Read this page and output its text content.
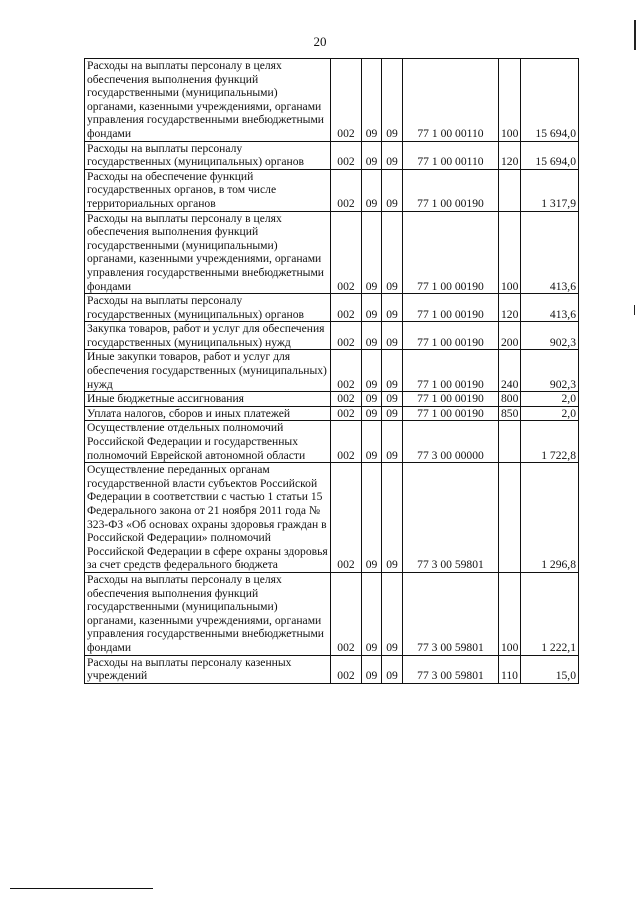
20
Расходы на выплаты персоналу в целях обеспечения выполнения функций государственными (муниципальными) органами, казенными учреждениями, органами управления государственными внебюджетными фондами	002	09	09	77 1 00 00110	100	15 694,0
Расходы на выплаты персоналу государственных (муниципальных) органов	002	09	09	77 1 00 00110	120	15 694,0
Расходы на обеспечение функций государственных органов, в том числе территориальных органов	002	09	09	77 1 00 00190		1 317,9
Расходы на выплаты персоналу в целях обеспечения выполнения функций государственными (муниципальными) органами, казенными учреждениями, органами управления государственными внебюджетными фондами	002	09	09	77 1 00 00190	100	413,6
Расходы на выплаты персоналу государственных (муниципальных) органов	002	09	09	77 1 00 00190	120	413,6
Закупка товаров, работ и услуг для обеспечения государственных (муниципальных) нужд	002	09	09	77 1 00 00190	200	902,3
Иные закупки товаров, работ и услуг для обеспечения государственных (муниципальных) нужд	002	09	09	77 1 00 00190	240	902,3
Иные бюджетные ассигнования	002	09	09	77 1 00 00190	800	2,0
Уплата налогов, сборов и иных платежей	002	09	09	77 1 00 00190	850	2,0
Осуществление отдельных полномочий Российской Федерации и государственных полномочий Еврейской автономной области	002	09	09	77 3 00 00000		1 722,8
Осуществление переданных органам государственной власти субъектов Российской Федерации в соответствии с частью 1 статьи 15 Федерального закона от 21 ноября 2011 года № 323-ФЗ «Об основах охраны здоровья граждан в Российской Федерации» полномочий Российской Федерации в сфере охраны здоровья за счет средств федерального бюджета	002	09	09	77 3 00 59801		1 296,8
Расходы на выплаты персоналу в целях обеспечения выполнения функций государственными (муниципальными) органами, казенными учреждениями, органами управления государственными внебюджетными фондами	002	09	09	77 3 00 59801	100	1 222,1
Расходы на выплаты персоналу казенных учреждений	002	09	09	77 3 00 59801	110	15,0
